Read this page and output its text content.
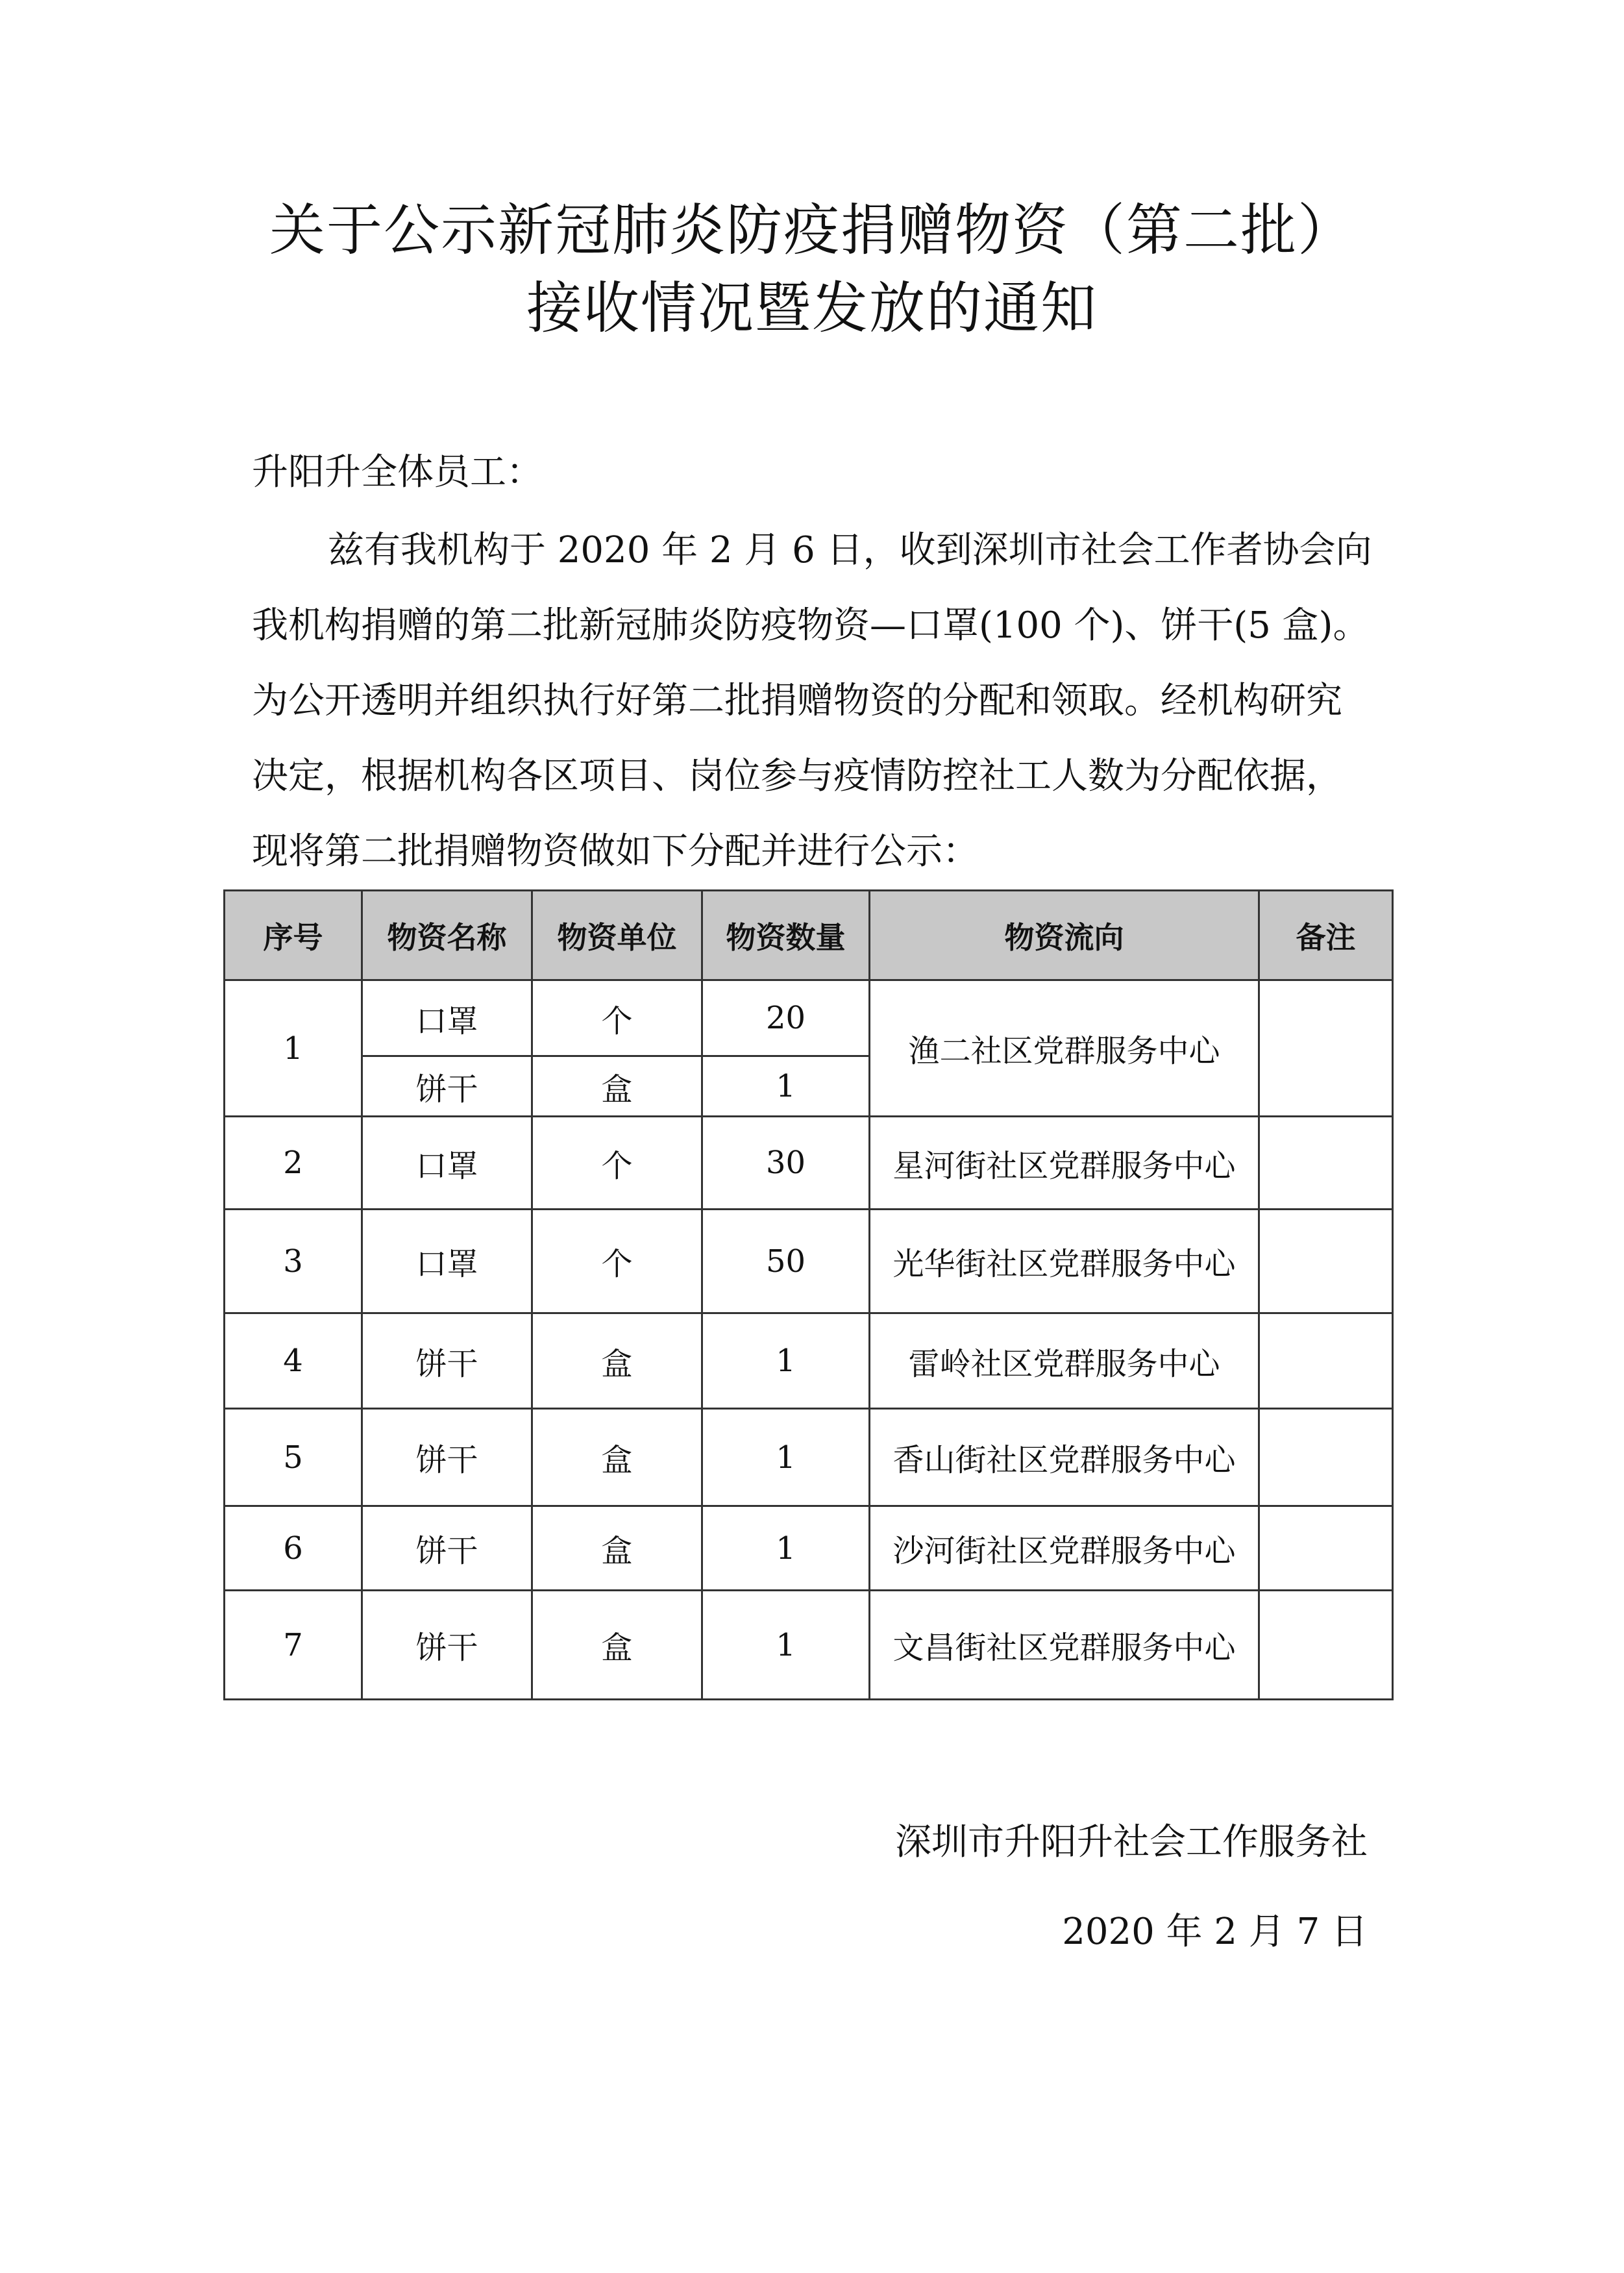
关于公示新冠肺炎防疫捐赠物资（第二批）
接收情况暨发放的通知
升阳升全体员工：
兹有我机构于 2020 年 2 月 6 日，收到深圳市社会工作者协会向
我机构捐赠的第二批新冠肺炎防疫物资—口罩(100 个)、饼干(5 盒)。
为公开透明并组织执行好第二批捐赠物资的分配和领取。经机构研究
决定，根据机构各区项目、岗位参与疫情防控社工人数为分配依据，
现将第二批捐赠物资做如下分配并进行公示：
序号	物资名称	物资单位	物资数量	物资流向	备注
1	口罩	个	20	渔二社区党群服务中心	
	饼干	盒	1		
2	口罩	个	30	星河街社区党群服务中心	
3	口罩	个	50	光华街社区党群服务中心	
4	饼干	盒	1	雷岭社区党群服务中心	
5	饼干	盒	1	香山街社区党群服务中心	
6	饼干	盒	1	沙河街社区党群服务中心	
7	饼干	盒	1	文昌街社区党群服务中心	
深圳市升阳升社会工作服务社
2020 年 2 月 7 日
